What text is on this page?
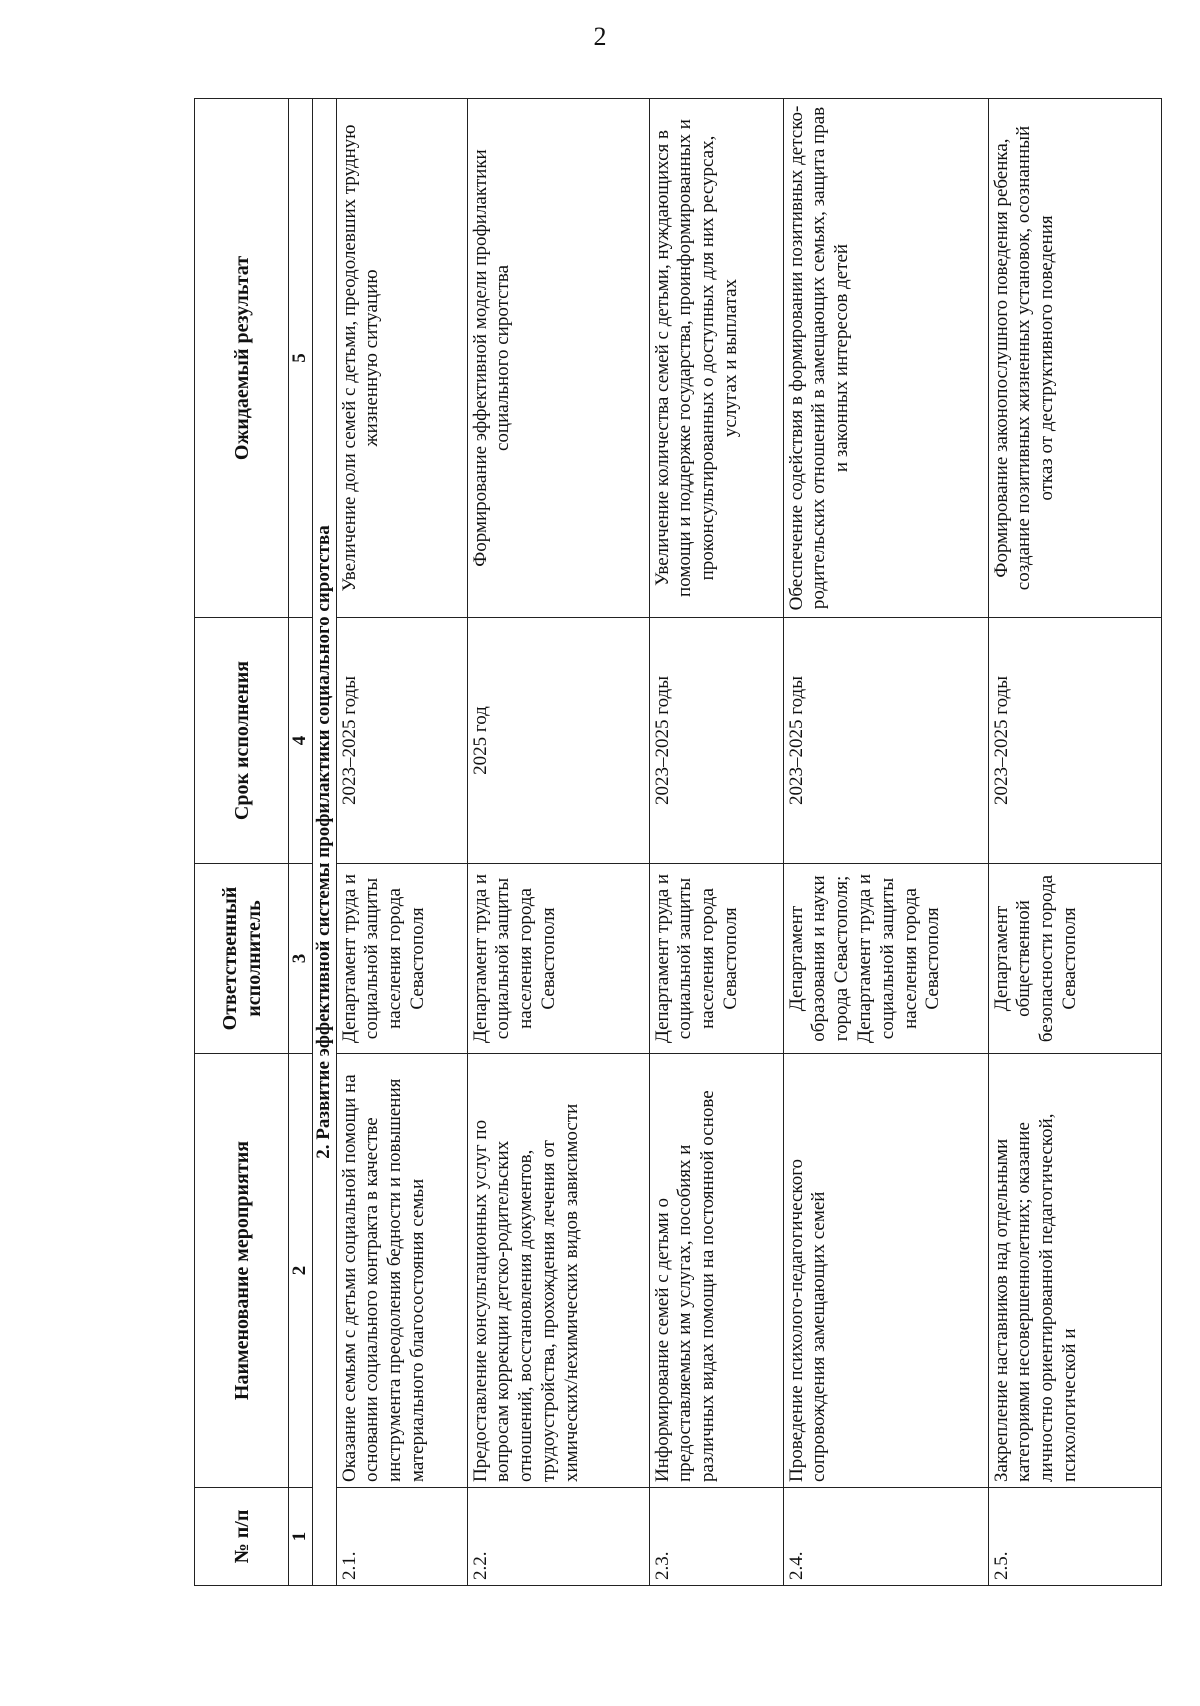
2
№ п/п	Наименование мероприятия	Ответственный исполнитель	Срок исполнения	Ожидаемый результат
1	2	3	4	5
2. Развитие эффективной системы профилактики социального сиротства				
2.1.	Оказание семьям с детьми социальной помощи на основании социального контракта в качестве инструмента преодоления бедности и повышения материального благосостояния семьи	Департамент труда и социальной защиты населения города Севастополя	2023–2025 годы	Увеличение доли семей с детьми, преодолевших трудную жизненную ситуацию
2.2.	Предоставление консультационных услуг по вопросам коррекции детско-родительских отношений, восстановления документов, трудоустройства, прохождения лечения от химических/нехимических видов зависимости	Департамент труда и социальной защиты населения города Севастополя	2025 год	Формирование эффективной модели профилактики социального сиротства
2.3.	Информирование семей с детьми о предоставляемых им услугах, пособиях и различных видах помощи на постоянной основе	Департамент труда и социальной защиты населения города Севастополя	2023–2025 годы	Увеличение количества семей с детьми, нуждающихся в помощи и поддержке государства, проинформированных и проконсультированных о доступных для них ресурсах, услугах и выплатах
2.4.	Проведение психолого-педагогического сопровождения замещающих семей	Департамент образования и науки города Севастополя; Департамент труда и социальной защиты населения города Севастополя	2023–2025 годы	Обеспечение содействия в формировании позитивных детско-родительских отношений в замещающих семьях, защита прав и законных интересов детей
2.5.	Закрепление наставников над отдельными категориями несовершеннолетних; оказание личностно ориентированной педагогической, психологической и	Департамент общественной безопасности города Севастополя	2023–2025 годы	Формирование законопослушного поведения ребенка, создание позитивных жизненных установок, осознанный отказ от деструктивного поведения
